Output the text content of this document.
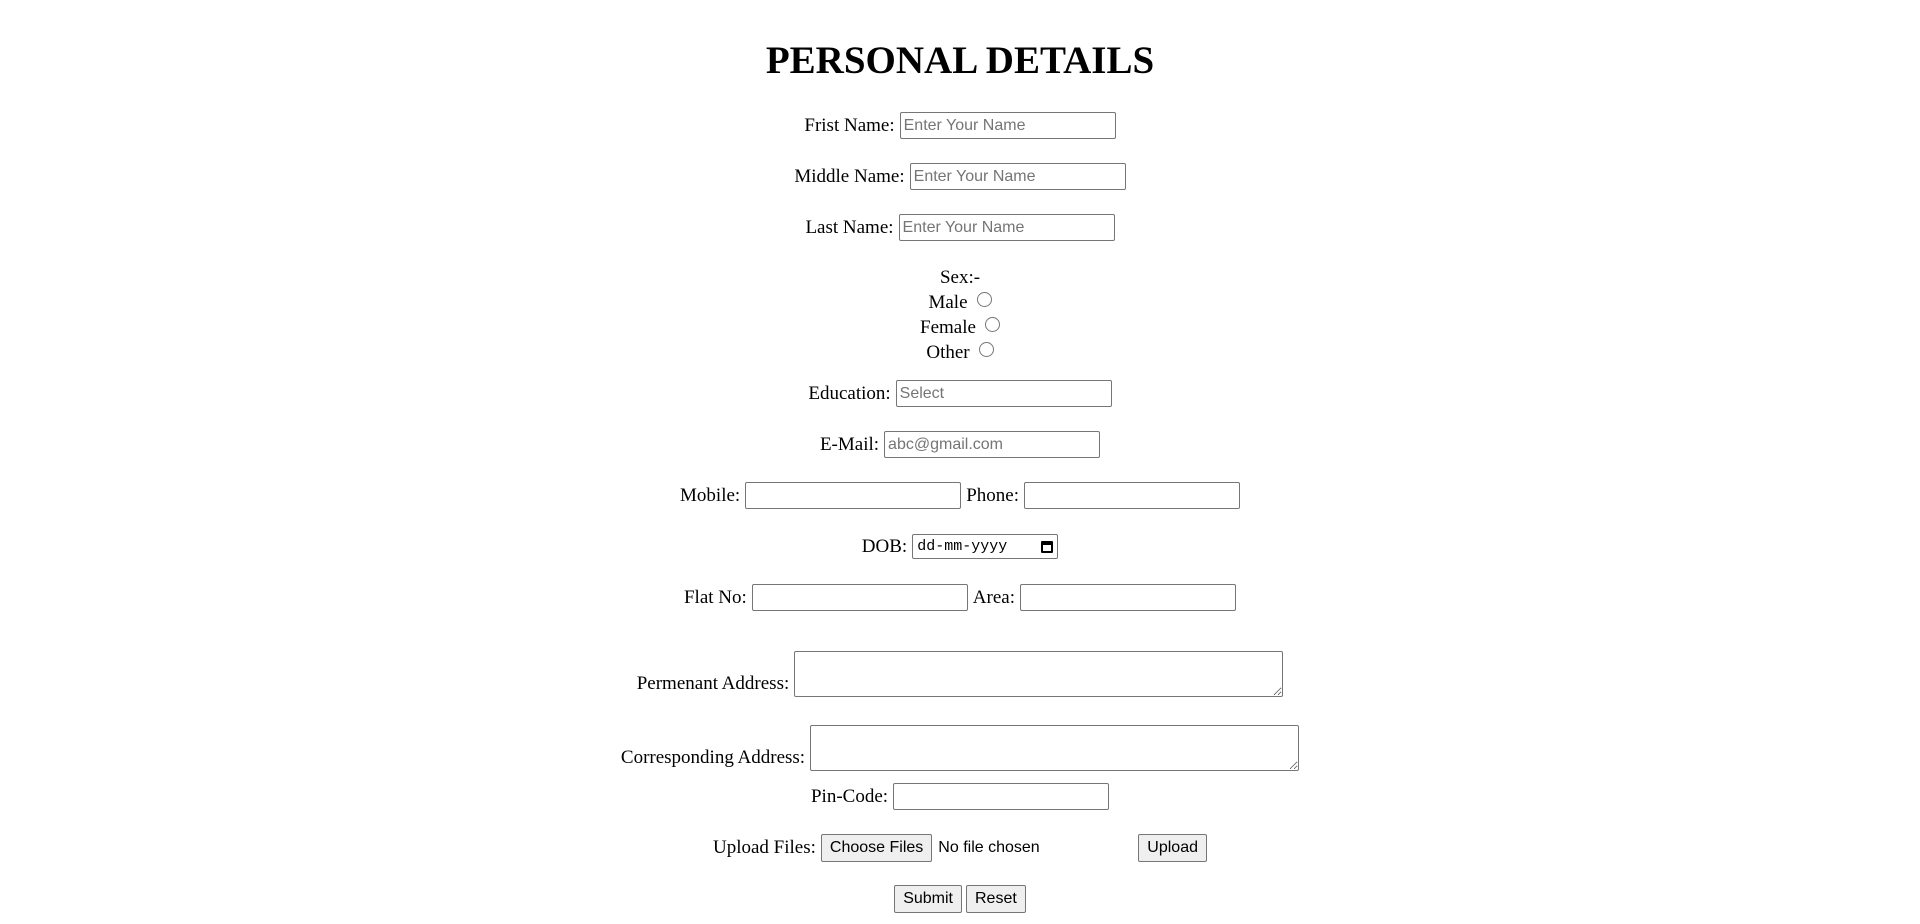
PERSONAL DETAILS
Frist Name:
Enter Your Name
Middle Name:
Enter Your Name
Last Name:
Enter Your Name
Sex:-
Male
Female
Other
Education:
Select
E-Mail:
abc@gmail.com
Mobile:	Phone:
DOB: dd-mm-yyyy
Flat No:	Area:
Permenant Address:
Corresponding Address:
Pin-Code:
Upload Files: Choose Files No file chosen	Upload
Submit	Reset
